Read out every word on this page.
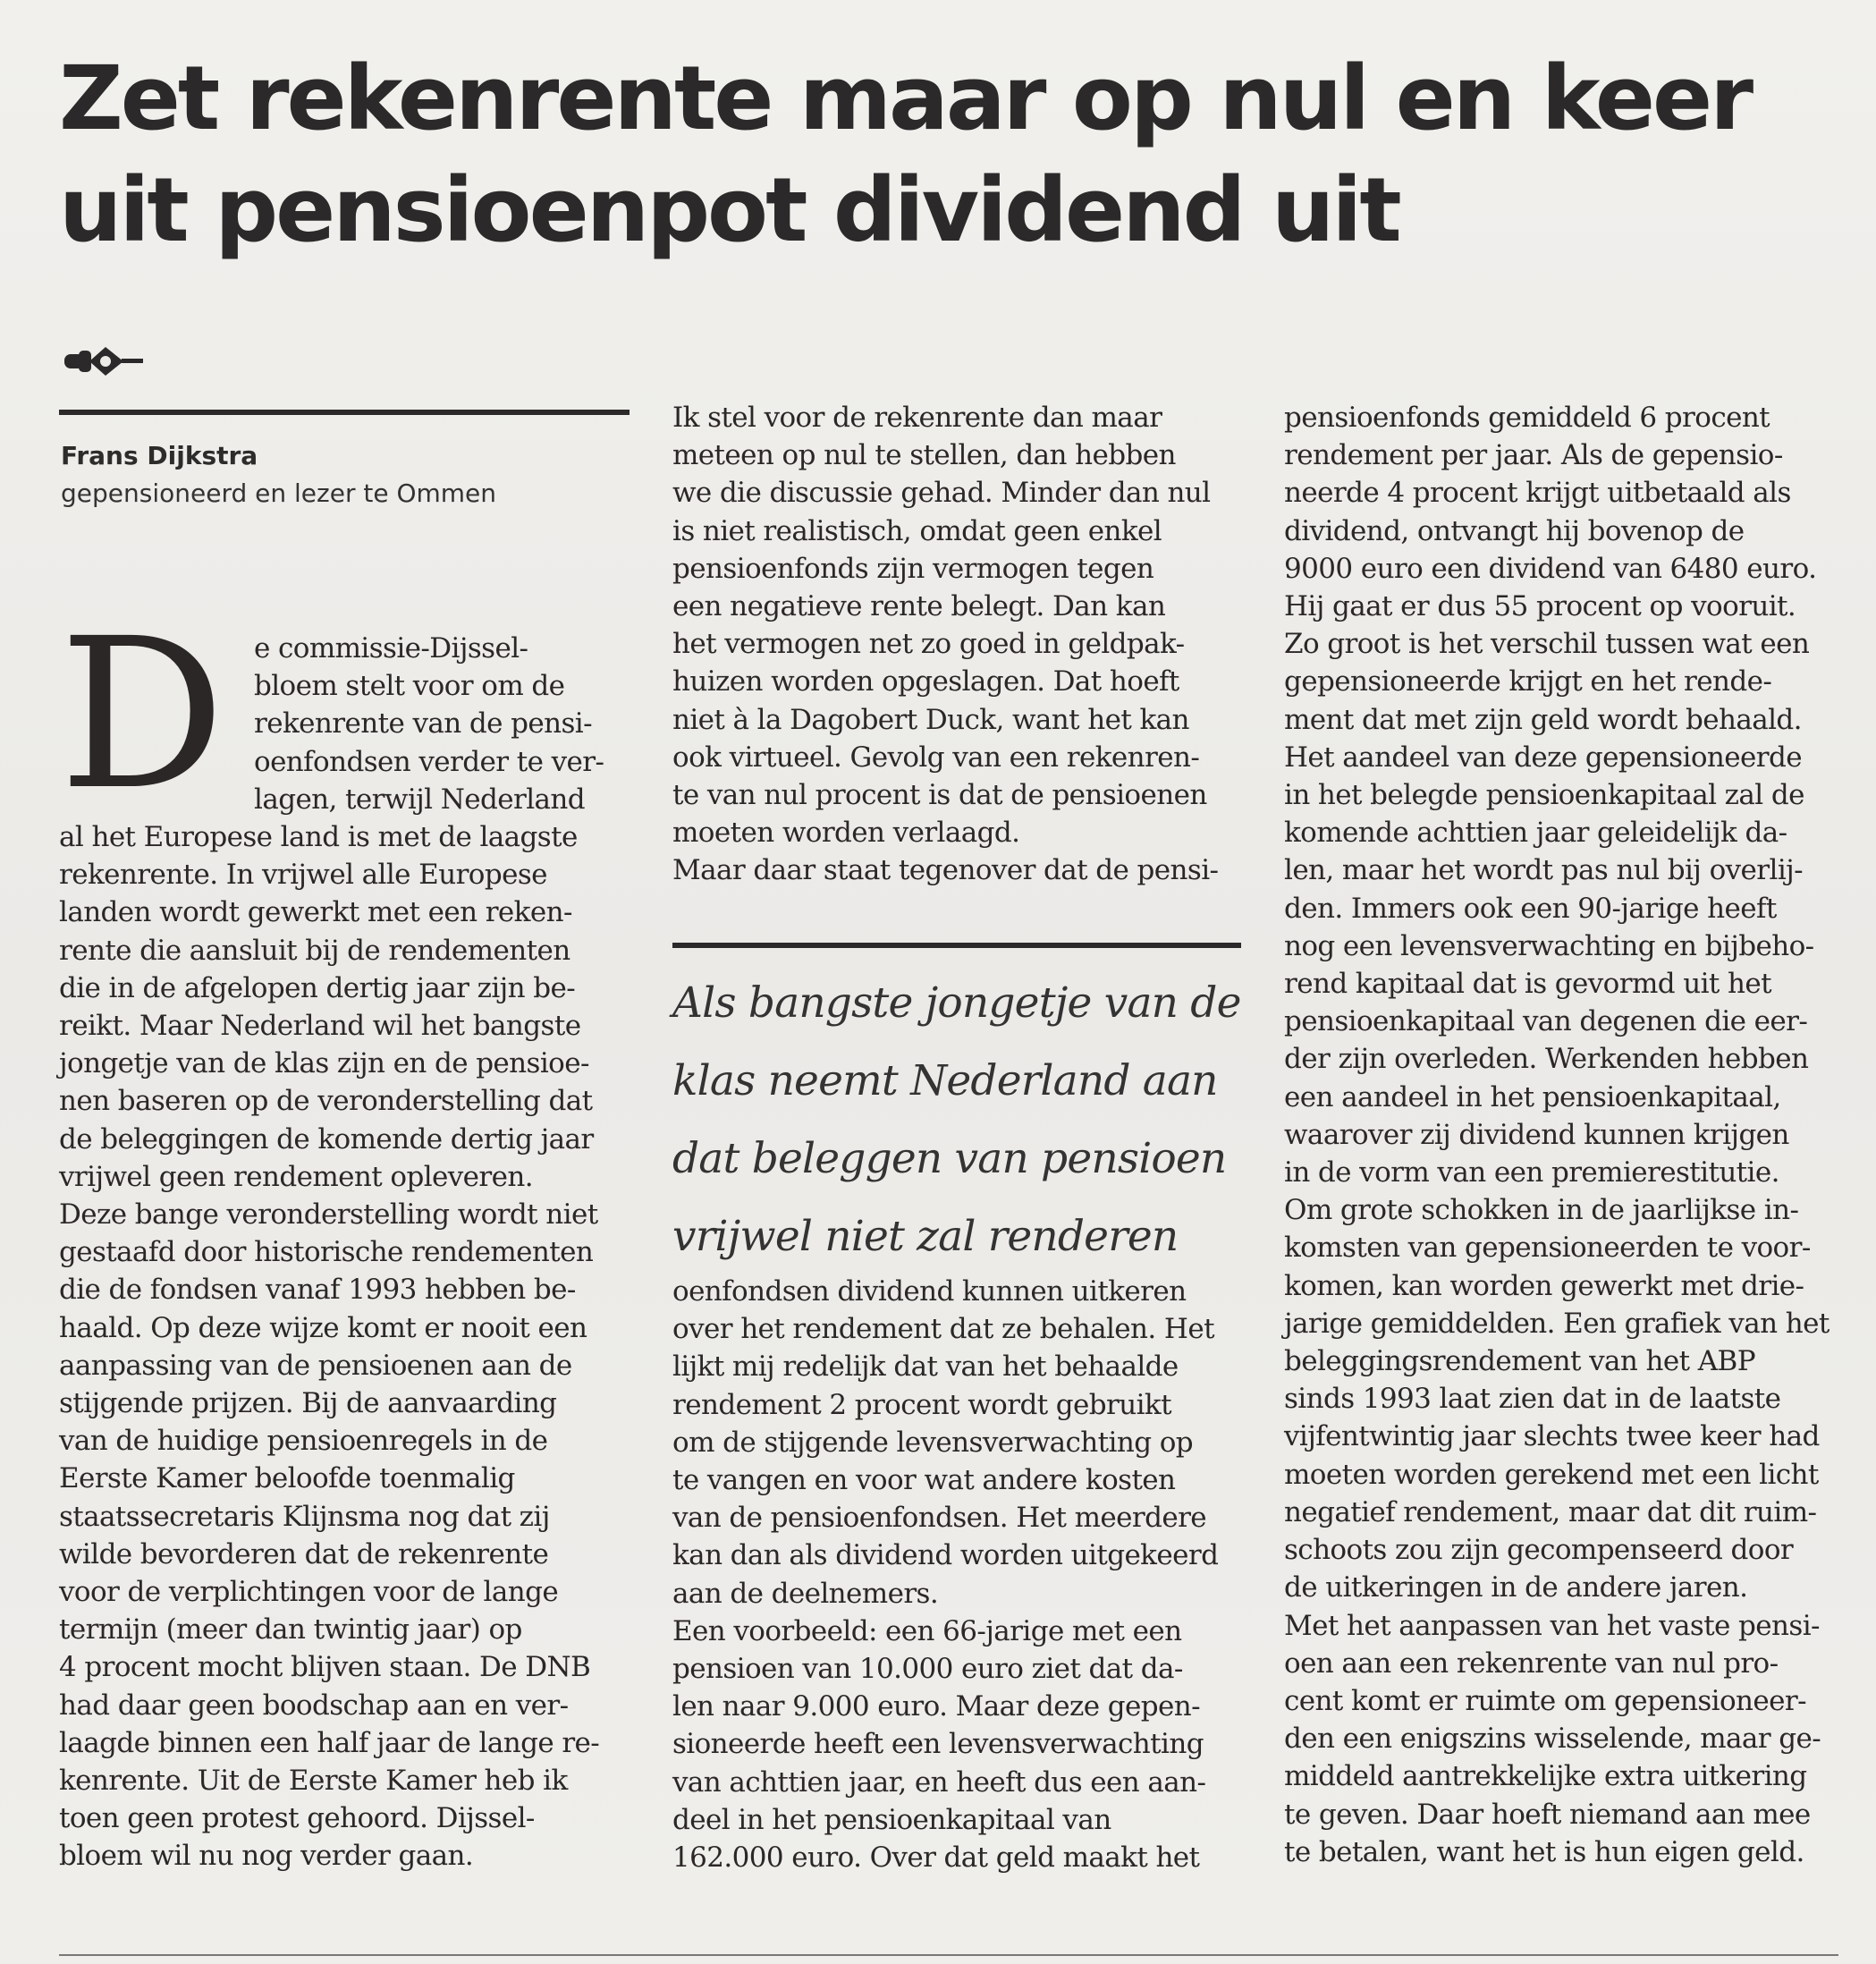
Zet rekenrente maar op nul en keer
uit pensioenpot dividend uit
Frans Dijkstra
gepensioneerd en lezer te Ommen
D e commissie-Dijssel-

bloem stelt voor om de

rekenrente van de pensi-

oenfondsen verder te ver-

lagen, terwijl Nederland

al het Europese land is met de laagste

rekenrente. In vrijwel alle Europese

landen wordt gewerkt met een reken-

rente die aansluit bij de rendementen

die in de afgelopen dertig jaar zijn be-

reikt. Maar Nederland wil het bangste

jongetje van de klas zijn en de pensioe-

nen baseren op de veronderstelling dat

de beleggingen de komende dertig jaar

vrijwel geen rendement opleveren.

Deze bange veronderstelling wordt niet

gestaafd door historische rendementen

die de fondsen vanaf 1993 hebben be-

haald. Op deze wijze komt er nooit een

aanpassing van de pensioenen aan de

stijgende prijzen. Bij de aanvaarding

van de huidige pensioenregels in de

Eerste Kamer beloofde toenmalig

staatssecretaris Klijnsma nog dat zij

wilde bevorderen dat de rekenrente

voor de verplichtingen voor de lange

termijn (meer dan twintig jaar) op

4 procent mocht blijven staan. De DNB

had daar geen boodschap aan en ver-

laagde binnen een half jaar de lange re-

kenrente. Uit de Eerste Kamer heb ik

toen geen protest gehoord. Dijssel-

bloem wil nu nog verder gaan.

Ik stel voor de rekenrente dan maar

meteen op nul te stellen, dan hebben

we die discussie gehad. Minder dan nul

is niet realistisch, omdat geen enkel

pensioenfonds zijn vermogen tegen

een negatieve rente belegt. Dan kan

het vermogen net zo goed in geldpak-

huizen worden opgeslagen. Dat hoeft

niet à la Dagobert Duck, want het kan

ook virtueel. Gevolg van een rekenren-

te van nul procent is dat de pensioenen

moeten worden verlaagd.

Maar daar staat tegenover dat de pensi-

Als bangste jongetje van de

klas neemt Nederland aan

dat beleggen van pensioen

vrijwel niet zal renderen

oenfondsen dividend kunnen uitkeren

over het rendement dat ze behalen. Het

lijkt mij redelijk dat van het behaalde

rendement 2 procent wordt gebruikt

om de stijgende levensverwachting op

te vangen en voor wat andere kosten

van de pensioenfondsen. Het meerdere

kan dan als dividend worden uitgekeerd

aan de deelnemers.

Een voorbeeld: een 66-jarige met een

pensioen van 10.000 euro ziet dat da-

len naar 9.000 euro. Maar deze gepen-

sioneerde heeft een levensverwachting

van achttien jaar, en heeft dus een aan-

deel in het pensioenkapitaal van

162.000 euro. Over dat geld maakt het

pensioenfonds gemiddeld 6 procent

rendement per jaar. Als de gepensio-

neerde 4 procent krijgt uitbetaald als

dividend, ontvangt hij bovenop de

9000 euro een dividend van 6480 euro.

Hij gaat er dus 55 procent op vooruit.

Zo groot is het verschil tussen wat een

gepensioneerde krijgt en het rende-

ment dat met zijn geld wordt behaald.

Het aandeel van deze gepensioneerde

in het belegde pensioenkapitaal zal de

komende achttien jaar geleidelijk da-

len, maar het wordt pas nul bij overlij-

den. Immers ook een 90-jarige heeft

nog een levensverwachting en bijbeho-

rend kapitaal dat is gevormd uit het

pensioenkapitaal van degenen die eer-

der zijn overleden. Werkenden hebben

een aandeel in het pensioenkapitaal,

waarover zij dividend kunnen krijgen

in de vorm van een premierestitutie.

Om grote schokken in de jaarlijkse in-

komsten van gepensioneerden te voor-

komen, kan worden gewerkt met drie-

jarige gemiddelden. Een grafiek van het

beleggingsrendement van het ABP

sinds 1993 laat zien dat in de laatste

vijfentwintig jaar slechts twee keer had

moeten worden gerekend met een licht

negatief rendement, maar dat dit ruim-

schoots zou zijn gecompenseerd door

de uitkeringen in de andere jaren.

Met het aanpassen van het vaste pensi-

oen aan een rekenrente van nul pro-

cent komt er ruimte om gepensioneer-

den een enigszins wisselende, maar ge-

middeld aantrekkelijke extra uitkering

te geven. Daar hoeft niemand aan mee

te betalen, want het is hun eigen geld.
